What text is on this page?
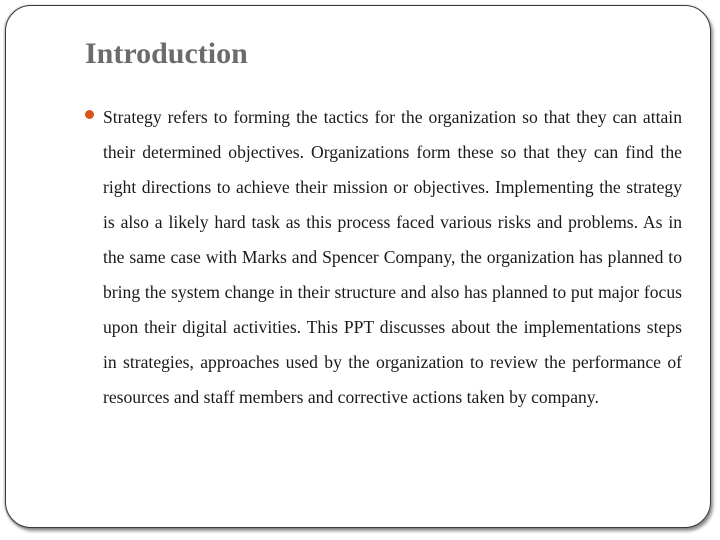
Introduction
Strategy refers to forming the tactics for the organization so that they can attain their determined objectives. Organizations form these so that they can find the right directions to achieve their mission or objectives. Implementing the strategy is also a likely hard task as this process faced various risks and problems. As in the same case with Marks and Spencer Company, the organization has planned to bring the system change in their structure and also has planned to put major focus upon their digital activities. This PPT discusses about the implementations steps in strategies, approaches used by the organization to review the performance of resources and staff members and corrective actions taken by company.
